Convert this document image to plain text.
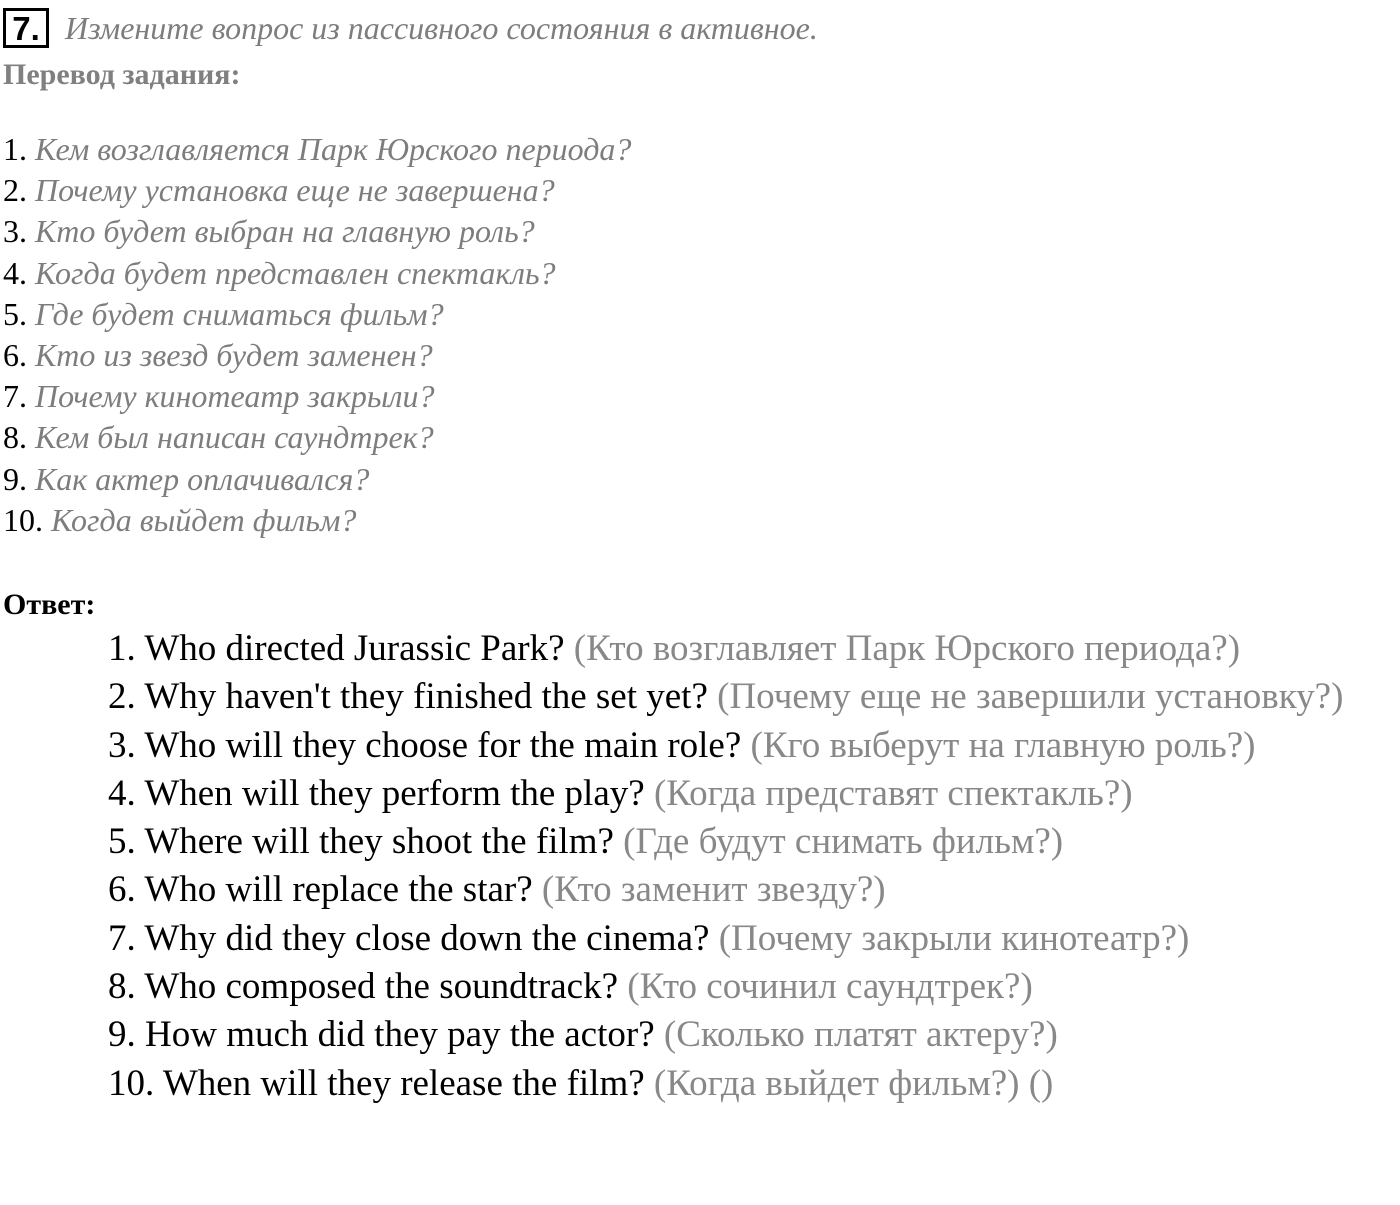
7. Измените вопрос из пассивного состояния в активное.
Перевод задания:
1. Кем возглавляется Парк Юрского периода?
2. Почему установка еще не завершена?
3. Кто будет выбран на главную роль?
4. Когда будет представлен спектакль?
5. Где будет сниматься фильм?
6. Кто из звезд будет заменен?
7. Почему кинотеатр закрыли?
8. Кем был написан саундтрек?
9. Как актер оплачивался?
10. Когда выйдет фильм?
Ответ:
1. Who directed Jurassic Park? (Кто возглавляет Парк Юрского периода?)
2. Why haven't they finished the set yet? (Почему еще не завершили установку?)
3. Who will they choose for the main role? (Кго выберут на главную роль?)
4. When will they perform the play? (Когда представят спектакль?)
5. Where will they shoot the film? (Где будут снимать фильм?)
6. Who will replace the star? (Кто заменит звезду?)
7. Why did they close down the cinema? (Почему закрыли кинотеатр?)
8. Who composed the soundtrack? (Кто сочинил саундтрек?)
9. How much did they pay the actor? (Сколько платят актеру?)
10. When will they release the film? (Когда выйдет фильм?) ()
